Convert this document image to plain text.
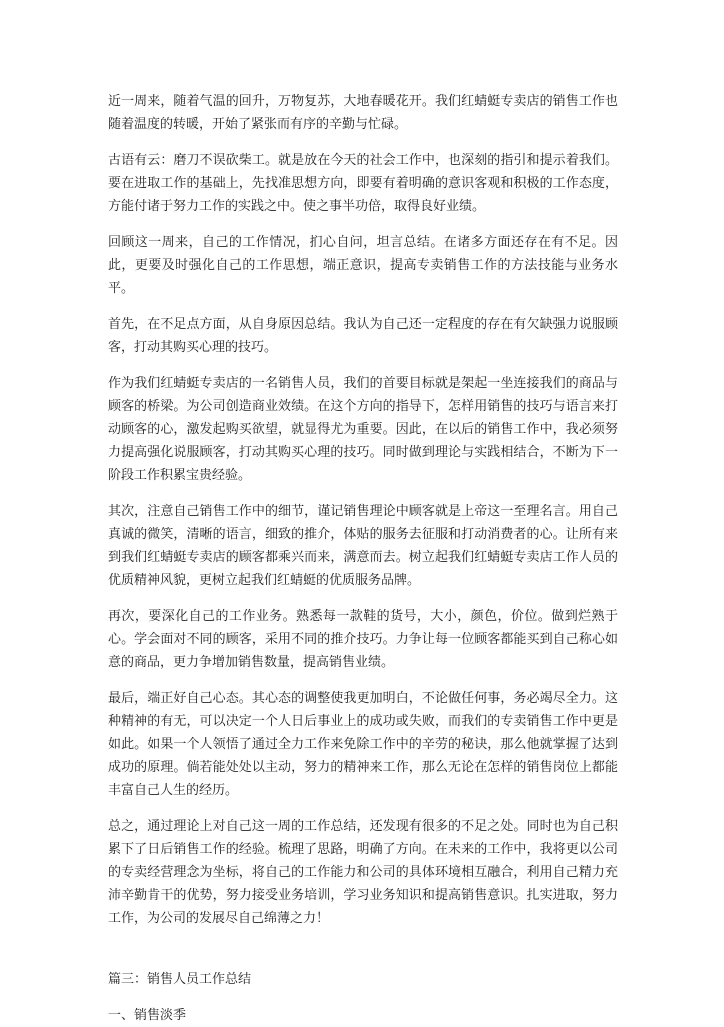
近一周来，随着气温的回升，万物复苏，大地春暖花开。我们红蜻蜓专卖店的销售工作也随着温度的转暖，开始了紧张而有序的辛勤与忙碌。

古语有云：磨刀不误砍柴工。就是放在今天的社会工作中，也深刻的指引和提示着我们。要在进取工作的基础上，先找准思想方向，即要有着明确的意识客观和积极的工作态度，方能付诸于努力工作的实践之中。使之事半功倍，取得良好业绩。

回顾这一周来，自己的工作情况，扪心自问，坦言总结。在诸多方面还存在有不足。因此，更要及时强化自己的工作思想，端正意识，提高专卖销售工作的方法技能与业务水平。

首先，在不足点方面，从自身原因总结。我认为自己还一定程度的存在有欠缺强力说服顾客，打动其购买心理的技巧。

作为我们红蜻蜓专卖店的一名销售人员，我们的首要目标就是架起一坐连接我们的商品与顾客的桥梁。为公司创造商业效绩。在这个方向的指导下，怎样用销售的技巧与语言来打动顾客的心，激发起购买欲望，就显得尤为重要。因此，在以后的销售工作中，我必须努力提高强化说服顾客，打动其购买心理的技巧。同时做到理论与实践相结合，不断为下一阶段工作积累宝贵经验。

其次，注意自己销售工作中的细节，谨记销售理论中顾客就是上帝这一至理名言。用自己真诚的微笑，清晰的语言，细致的推介，体贴的服务去征服和打动消费者的心。让所有来到我们红蜻蜓专卖店的顾客都乘兴而来，满意而去。树立起我们红蜻蜓专卖店工作人员的优质精神风貌，更树立起我们红蜻蜓的优质服务品牌。

再次，要深化自己的工作业务。熟悉每一款鞋的货号，大小，颜色，价位。做到烂熟于心。学会面对不同的顾客，采用不同的推介技巧。力争让每一位顾客都能买到自己称心如意的商品，更力争增加销售数量，提高销售业绩。

最后，端正好自己心态。其心态的调整使我更加明白，不论做任何事，务必竭尽全力。这种精神的有无，可以决定一个人日后事业上的成功或失败，而我们的专卖销售工作中更是如此。如果一个人领悟了通过全力工作来免除工作中的辛劳的秘诀，那么他就掌握了达到成功的原理。倘若能处处以主动，努力的精神来工作，那么无论在怎样的销售岗位上都能丰富自己人生的经历。

总之，通过理论上对自己这一周的工作总结，还发现有很多的不足之处。同时也为自己积累下了日后销售工作的经验。梳理了思路，明确了方向。在未来的工作中，我将更以公司的专卖经营理念为坐标，将自己的工作能力和公司的具体环境相互融合，利用自己精力充沛辛勤肯干的优势，努力接受业务培训，学习业务知识和提高销售意识。扎实进取，努力工作，为公司的发展尽自己绵薄之力！

篇三：销售人员工作总结

一、销售淡季
